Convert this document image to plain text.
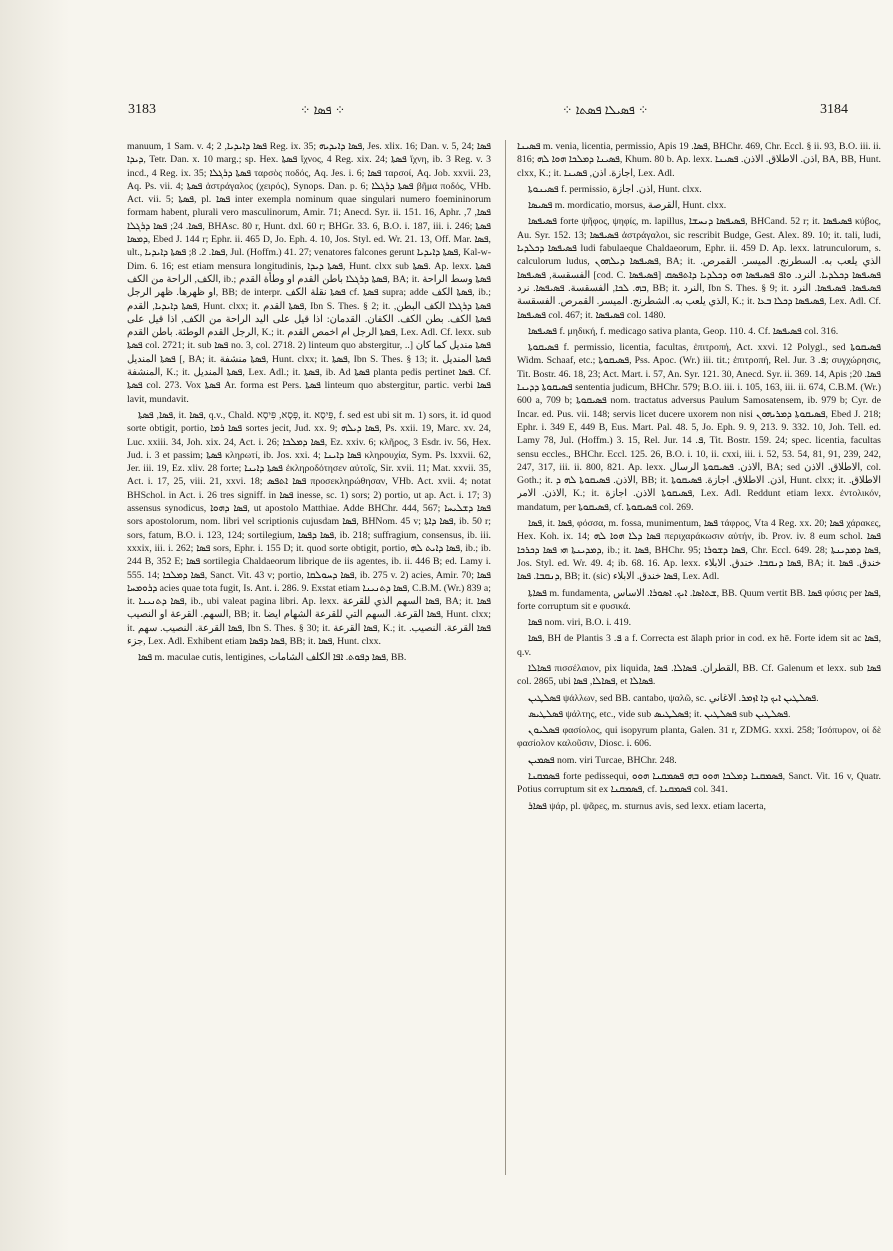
3183	⁘ ܦܣܐ ⁘	⁘ ܦܣܝܠܐ ܦܣܬܐ ⁘	3184

manuum, 1 Sam. v. 4; ܦܣܐ ܕܐܝܕܝܐ, 2 Reg. ix. 35; ܦܣܐ ܕܐܝܕܝܗ, Jes. xlix. 16; Dan. v. 5, 24; ܦܣܐ ܕܝܕܐ, Tetr. Dan. x. 10 marg.; sp. Hex. ܦܣܬܐ ἴχνος, 4 Reg. xix. 24; ܦܣܬܐ ἴχνη, ib. 3 Reg. v. 3 incd., 4 Reg. ix. 35; ܦܣܬܐ ܕܪܓܠܐ ταρσὸς ποδός, Aq. Jes. i. 6; ܦܣܐ ταρσοί, Aq. Job. xxvii. 23, Aq. Ps. vii. 4; ܦܣܬܐ ἀστράγαλος (χειρός), Synops. Dan. p. 6; ܦܣܬܐ ܕܪܓܠܐ βῆμα ποδός, VHb. Act. vii. 5; ܦܣܬܐ, pl. ܦܣܐ inter exempla nominum quae singulari numero foemininorum formam habent, plurali vero masculinorum, Amir. 71; Anecd. Syr. ii. 151. 16, Aphr. ܦܣܐ, 7, ܦܣܐ. 24; ܦܣܐ ܕܪܓܠܐ, BHAsc. 80 r, Hunt. dxl. 60 r; BHGr. 33. 6, B.O. i. 187, iii. i. 246; ܦܣܬܐ ܕܡܣܐ, Ebed J. 144 r; Ephr. ii. 465 D, Jo. Eph. 4. 10, Jos. Styl. ed. Wr. 21. 13, Off. Mar. ܦܣܐ, ult., ܦܣܐ. 2. 8; ܦܣܬܐ ܕܐܝܕܝܐ, Jul. (Hoffm.) 41. 27; venatores falcones gerunt ܦܣܬܐ ܕܐܝܕܝܐ, Kal-w-Dim. 6. 16; est etiam mensura longitudinis, ܦܣܬܐ ܕܝܕܐ, Hunt. clxx sub ܦܣܬܐ. Ap. lexx. ܦܣܬܐ الكف, الراحة من الكف, ib.; ܦܣܬܐ ܕܪܓܠܐ باطن القدم او وطأة القدم, BA; it. ܦܣܬܐ وسط الراحة او ظهرها. ظهر الرجل, BB; de interpr. ܦܣܬܐ نقلة الكف cf. ܦܣܬܐ supra; adde ܦܣܬܐ الكف, ib.; ܦܣܬܐ ܕܐܝܕܝܐ, القدم, Hunt. clxx; it. ܦܣܬܐ القدم, Ibn S. Thes. § 2; it. ܦܣܬܐ ܕܪܓܠܐ الكف البطن, ܦܣܬܐ الكف. بطن الكف. الكفان. القدمان: اذا قيل على اليد الراحة من الكف, اذا قيل على الرجل القدم الوطئة. باطن القدم, K.; it. ܦܣܬܐ الرجل ام اخمص القدم, Lex. Adl. Cf. lexx. sub ܦܣܬܐ col. 2721; it. sub ܦܣܐ no. 3, col. 2718. 2) linteum quo abstergitur, ܦܣܬܐ مندیل كما كان [.. ] ܦܣܬܐ المنديل, BA; it. ܦܣܬܐ منشفة, Hunt. clxx; it. ܦܣܬܐ, Ibn S. Thes. § 13; it. ܦܣܬܐ المنديل المنشفة, K.; it. ܦܣܬܐ المنديل, Lex. Adl.; it. ܦܣܬܐ, ib. Ad ܦܣܬܐ planta pedis pertinet ܦܣܐ. Cf. ܦܣܬܐ col. 273. Vox ܦܣܬܐ Ar. forma est Pers. ܦܣܬܐ linteum quo abstergitur, partic. verbi ܦܣܐ lavit, mundavit.

ܦܣܐ, ܦܣܬܐ, it. ܦܣܐ, q.v., Chald. פְּסָא, פִּיסָא, it. פֵּיסָא, f. sed est ubi sit m. 1) sors, it. id quod sorte obtigit, portio, ܦܣܐ ܪܡܐ sortes jecit, Jud. xx. 9; ܦܣܐ ܕܝܠܗ, Ps. xxii. 19, Marc. xv. 24, Luc. xxiii. 34, Joh. xix. 24, Act. i. 26; ܦܣܐ ܕܡܠܟܐ, Ez. xxiv. 6; κλῆρος, 3 Esdr. iv. 56, Hex. Jud. i. 3 et passim; ܦܣܬܐ κληρωτί, ib. Jos. xxi. 4; ܦܣܐ ܕܐܝܢܐ κληρουχία, Sym. Ps. lxxvii. 62, Jer. iii. 19, Ez. xliv. 28 forte; ܦܣܬܐ ܕܐܝܢܐ ἐκληροδότησεν αὐτοῖς, Sir. xvii. 11; Mat. xxvii. 35, Act. i. 17, 25, viii. 21, xxvi. 18; ܦܣܐ ܐܬܦܣ προσεκληρώθησαν, VHb. Act. xvii. 4; notat BHSchol. in Act. i. 26 tres signiff. in ܦܣܐ inesse, sc. 1) sors; 2) portio, ut ap. Act. i. 17; 3) assensus synodicus, ܦܣܐ ܕܗܘܐ, ut apostolo Matthiae. Adde BHChr. 444, 567; ܦܣܐ ܕܫܠܝܚܐ sors apostolorum, nom. libri vel scriptionis cujusdam ܦܣܐ, BHNom. 45 v; ܦܣܐ ܕܐܬܐ, ib. 50 r; sors, fatum, B.O. i. 123, 124; sortilegium, ܦܣܐ ܕܦܣܐ, ib. 218; suffragium, consensus, ib. iii. xxxix, iii. i. 262; ܦܣܐ sors, Ephr. i. 155 D; it. quod sorte obtigit, portio, ܦܣܐ ܕܐܝܬ ܠܗ, ib.; ib. 244 B, 352 E; ܦܣܐ sortilegia Chaldaeorum librique de iis agentes, ib. ii. 446 B; ed. Lamy i. 555. 14; ܦܣܐ ܕܡܠܟܐ, Sanct. Vit. 43 v; portio, ܦܣܐ ܕܚܘܠܩܐ, ib. 275 v. 2) acies, Amir. 70; ܦܣܐ ܕܪܘܡܚܐ acies quae tota fugit, Is. Ant. i. 286. 9. Exstat etiam ܦܣܐ ܕܬܢܝܢܐ, C.B.M. (Wr.) 839 a; it. ܦܣܐ ܕܬܢܝܢܐ, ib., ubi valeat pagina libri. Ap. lexx. ܦܣܐ السهم الذي للقرعة, BA; it. ܦܣܐ السهم. القرعة او النصيب, BB; it. ܦܣܐ القرعة. السهم التي للقرعة الشهام ايضا, Hunt. clxx; it. ܦܣܐ القرعة. النصيب. سهم, Ibn S. Thes. § 30; it. ܦܣܐ القرعة, K.; it. ܦܣܐ القرعة. النصيب. جزء, Lex. Adl. Exhibent etiam ܦܣܐ ܕܦܣܐ, BB; it. ܦܣܐ, Hunt. clxx.

ܦܣܐ m. maculae cutis, lentigines, ܦܣܐ ܕܦܘܬ. ܐܦܐ الكلف الشامات, BB.

ܦܣܝܢܐ m. venia, licentia, permissio, Apis ܦܣܐ. 19, BHChr. 469, Chr. Eccl. § ii. 93, B.O. iii. ii. 816; ܦܣܝܢܐ ܕܡܠܟܐ ܗܘܐ ܠܗ, Khum. 80 b. Ap. lexx. اذن. الاطلاق. الاذن. ܦܣܝܢܐ, BA, BB, Hunt. clxx, K.; it. اجازة. اذن, ܦܣܝܢܐ, Lex. Adl.

ܦܣܝܢܘܬܐ f. permissio, اذن. اجازة, Hunt. clxx.

ܦܣܝܣܐ m. mordicatio, morsus, القرصة, Hunt. clxx.

ܦܣܝܦܣܐ forte ψῆφος, ψηφίς, m. lapillus, ܦܣܝܦܣܐ ܕܢܚܫܐ, BHCand. 52 r; it. ܦܣܝܦܣܐ κύβος, Au. Syr. 152. 13; ܦܣܝܦܣܐ ἀστράγαλοι, sic rescribit Budge, Gest. Alex. 89. 10; it. tali, ludi, ܦܣܝܦܣܐ ܕܟܠܕܝܐ ludi fabulaeque Chaldaeorum, Ephr. ii. 459 D. Ap. lexx. latrunculorum, s. calculorum ludus, ܦܣܝܦܣܐ ܕܝܠܗܘܢ, BA; it. الذي يلعب به. السطرنج. الميسر. القمرص. الفسقسة, ܦܣܝܦܣܐ [cod. C. ܦܣܝܦܣܐ] ܦܣܝܦܣܐ ܕܟܠܕܝܐ. النرد. ܘܐܦ ܦܣܝܦܣܐ ܗܘ ܕܟܠܕܝܐ ܕܐܬܦܣܩ ܒܗ. ܠܟܐ, الفسقسة. ܦܣܝܦܣܐ. نرد, BB; it. النرد, Ibn S. Thes. § 9; it. ܦܣܝܦܣܐ. ܦܣܝܦܣܐ. النرد الذي يلعب به. الشطرنج. الميسر. القمرص. الفسقسة, K.; it. ܦܣܝܦܣܐ ܕܟܠܐ ܒܥܐ, Lex. Adl. Cf. ܦܣܝܦܣܐ col. 467; it. ܦܣܝܦܣܐ col. 1480.

ܦܣܝܦܣܐ f. μηδική, f. medicago sativa planta, Geop. 110. 4. Cf. ܦܣܝܦܣܐ col. 316.

ܦܣܝܩܘܬܐ f. permissio, licentia, facultas, ἐπιτροπή, Act. xxvi. 12 Polygl., sed ܦܣܝܩܘܬܐ Widm. Schaaf, etc.; ܦܣܝܩܘܬܐ, Pss. Apoc. (Wr.) iii. tit.; ἐπιτροπή, Rel. Jur. ܦ. 3; συγχώρησις, Tit. Bostr. 46. 18, 23; Act. Mart. i. 57, An. Syr. 121. 30, Anecd. Syr. ii. 369. 14, Apis ܦܣܐ. 20; ܦܣܝܩܘܬܐ ܕܕܝܢܐ sententia judicum, BHChr. 579; B.O. iii. i. 105, 163, iii. ii. 674, C.B.M. (Wr.) 600 a, 709 b; ܦܣܝܩܘܬܐ nom. tractatus adversus Paulum Samosatensem, ib. 979 b; Cyr. de Incar. ed. Pus. vii. 148; servis licet ducere uxorem non nisi ܦܣܝܩܘܬܐ ܕܡܪܝܗܘܢ, Ebed J. 218; Ephr. i. 349 E, 449 B, Eus. Mart. Pal. 48. 5, Jo. Eph. 9. 9, 213. 9. 332. 10, Joh. Tell. ed. Lamy 78, Jul. (Hoffm.) 3. 15, Rel. Jur. ܦ. 14, Tit. Bostr. 159. 24; spec. licentia, facultas sensu eccles., BHChr. Eccl. 125. 26, B.O. i. 10, ii. cxxi, iii. i. 52, 53. 54, 81, 91, 239, 242, 247, 317, iii. ii. 800, 821. Ap. lexx. الاذن. ܦܣܝܩܘܬܐ الرسال, BA; sed الاطلاق. الاذن, col. Goth.; it. الاذن. ܦܣܝܩܘܬܐ ܠܗ ܕ, BB; it. اذن. الاطلاق. اجازة. ܦܣܝܩܘܬܐ, Hunt. clxx; it. الاطلاق. الاذن. الامر, K.; it. ܦܣܝܩܘܬܐ الاذن. اجازة, Lex. Adl. Reddunt etiam lexx. ἐντολικόν, mandatum, per ܦܣܝܩܘܬܐ, cf. ܦܣܝܩܘܬܐ col. 269.

ܦܣܐ, it. ܦܣܐ, φόσσα, m. fossa, munimentum, ܦܣܐ τάφρος, Vta 4 Reg. xx. 20; ܦܣܐ χάρακες, Hex. Koh. ix. 14; ܦܣܐ ܕܠܐ ܗܘܐ ܠܗ περιχαράκωσιν αὐτήν, ib. Prov. iv. 8 eum schol. ܦܣܐ ܕܡܕܝܢܬܐ ܗܝ ܦܣܐ ܕܟܪܟܐ, ib.; it. ܦܣܐ, BHChr. 95; ܦܣܐ ܕܫܘܪܐ, Chr. Eccl. 649. 28; ܦܣܐ ܕܡܕܝܢܬܐ, Jos. Styl. ed. Wr. 49. 4; ib. 68. 16. Ap. lexx. ܦܣܐ ܕܢܩܒܐ. خندق. الابلاء, BA; it. خندق. ܦܣܐ ܕܢܩܒܐ. ܦܣܐ, BB; it. (sic) ܦܣܐ خندق. الابلاء, Lex. Adl.

ܦܣܐܬܐ m. fundamenta, ܫܬܐܣܐ. ܐܝܟ. ܐܣܘܪܐ. الاساس, BB. Quum vertit BB. ܦܣܐ φύσις per ܦܣܐ, forte corruptum sit e φυσικά.

ܦܣܐ nom. viri, B.O. i. 419.

ܦܣܐ, BH de Plantis ܦ. 3 a f. Correcta est ālaph prior in cod. ex hē. Forte idem sit ac ܦܣܐ, q.v.

ܦܣܐܠܐ πισσέλαιον, pix liquida, القطران. ܦܣܐܠܐ. ܦܣܐ, BB. Cf. Galenum et lexx. sub ܦܣܐ col. 2865, ubi ܦܣܐܠܐ, ܦܣܐ, et ܦܣܐܠܐ.

ܦܣܠܛܝܢ ψάλλων, sed BB. cantabo, ψαλῶ, sc. ܦܣܠܛܝܢ ܐܝܟ ܕܐ ܐܙܡܪ. الاغاني.

ܦܣܠܛܝܣ ψάλτης, etc., vide sub ܦܣܠܛܝܣ; it. ܦܣܠܛܝܢ sub ܦܣܠܛܝܢ.

ܦܣܠܝܘܢ φασίολος, qui isopyrum planta, Galen. 31 r, ZDMG. xxxi. 258; Ἰσόπυρον, οἱ δὲ φασίολον καλοῦσιν, Diosc. i. 606.

ܦܣܡܝܢ nom. viri Turcae, BHChr. 248.

ܦܣܡܩܢܐ forte pedissequi, ܦܣܡܩܢܐ ܕܡܠܟܐ ܗܘܘ ܒܗ ܦܣܡܩܢܐ ܗܘܘ, Sanct. Vit. 16 v, Quatr. Potius corruptum sit ex ܦܣܡܩܢܐ, cf. ܦܣܡܩܢܐ col. 341.

ܦܣܐܪ ψάρ, pl. ψᾶρες, m. sturnus avis, sed lexx. etiam lacerta,
